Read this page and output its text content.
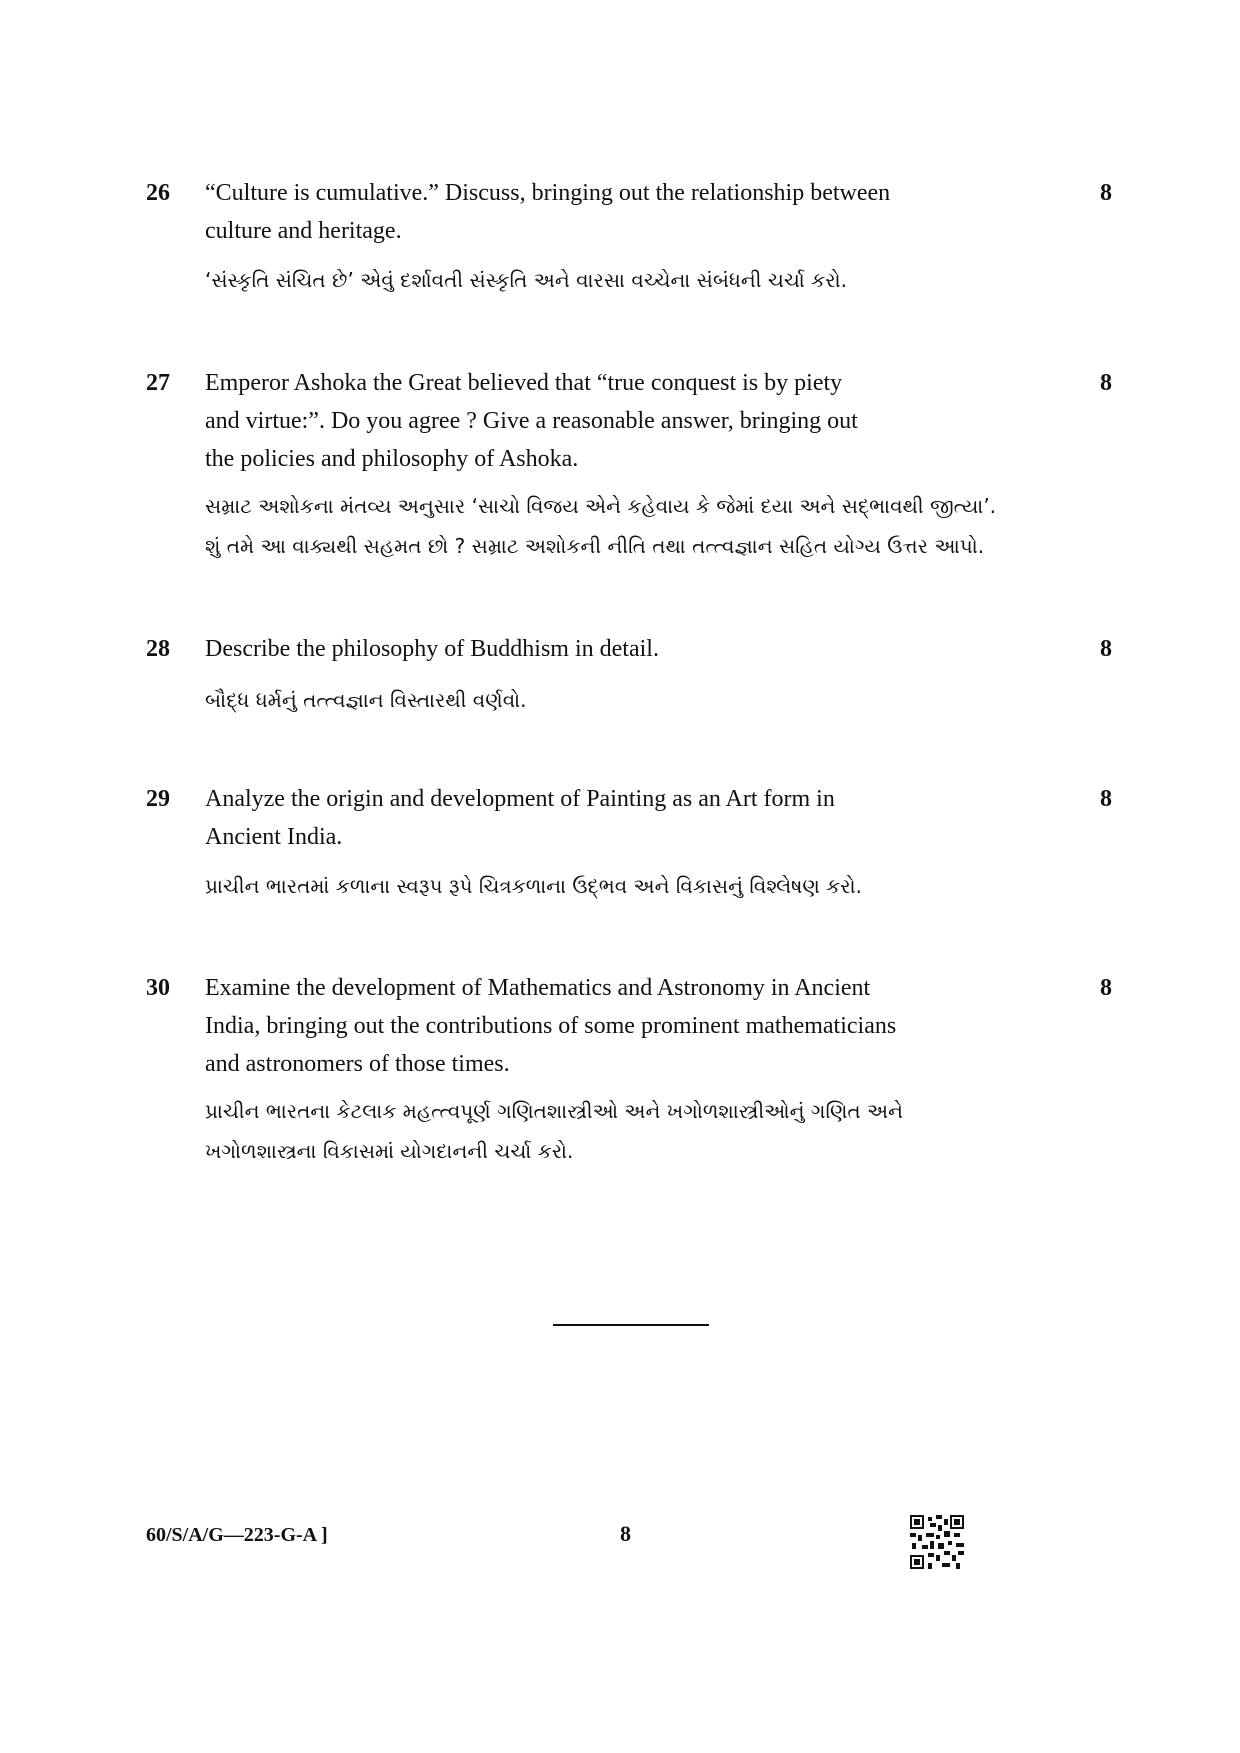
26 “Culture is cumulative.” Discuss, bringing out the relationship between
culture and heritage.
‘સંસ્કૃતિ સંચિત છે’ એવું દર્શાવતી સંસ્કૃતિ અને વારસા વચ્ચેના સંબંધની ચર્ચા કરો.
8
27 Emperor Ashoka the Great believed that “true conquest is by piety
and virtue:”. Do you agree ? Give a reasonable answer, bringing out
the policies and philosophy of Ashoka.
સમ્રાટ અશોકના મંતવ્ય અનુસાર ‘સાચો વિજય એને કહેવાય કે જેમાં દયા અને સદ્ભાવથી જીત્યા’.
શું તમે આ વાક્યથી સહમત છો ? સમ્રાટ અશોકની નીતિ તથા તત્ત્વજ્ઞાન સહિત યોગ્ય ઉત્તર આપો.
8
28 Describe the philosophy of Buddhism in detail.
બૌદ્ધ ધર્મનું તત્ત્વજ્ઞાન વિસ્તારથી વર્ણવો.
8
29 Analyze the origin and development of Painting as an Art form in
Ancient India.
પ્રાચીન ભારતમાં કળાના સ્વરૂપ રૂપે ચિત્રકળાના ઉદ્ભવ અને વિકાસનું વિશ્લેષણ કરો.
8
30 Examine the development of Mathematics and Astronomy in Ancient
India, bringing out the contributions of some prominent mathematicians
and astronomers of those times.
પ્રાચીન ભારતના કેટલાક મહત્ત્વપૂર્ણ ગણિતશાસ્ત્રીઓ અને ખગોળશાસ્ત્રીઓનું ગણિત અને
ખગોળશાસ્ત્રના વિકાસમાં યોગદાનની ચર્ચા કરો.
8
60/S/A/G—223-G-A ]	8
